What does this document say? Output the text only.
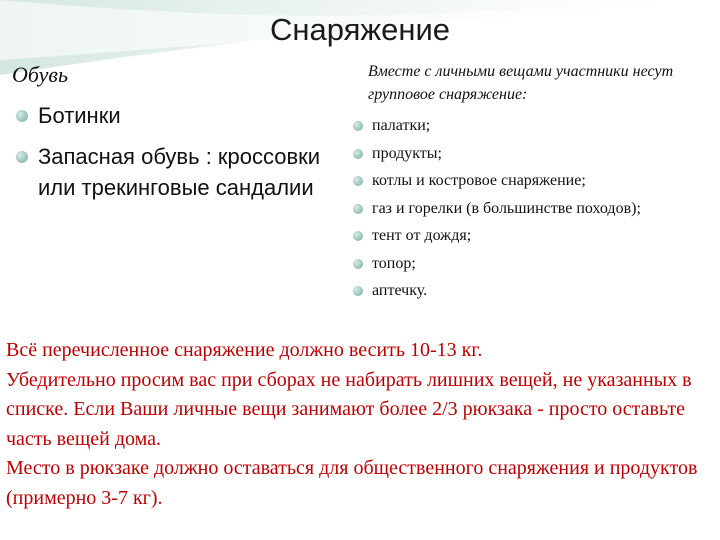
Снаряжение
Обувь
Ботинки
Запасная обувь : кроссовки или трекинговые сандалии
Вместе с личными вещами участники несут групповое снаряжение:
палатки;
продукты;
котлы и костровое снаряжение;
газ и горелки (в большинстве походов);
тент от дождя;
топор;
аптечку.

Всё перечисленное снаряжение должно весить 10-13 кг.

Убедительно просим вас при сборах не набирать лишних вещей, не указанных в списке. Если Ваши личные вещи занимают более 2/3 рюкзака - просто оставьте часть вещей дома.

Место в рюкзаке должно оставаться для общественного снаряжения и продуктов (примерно 3-7 кг).
